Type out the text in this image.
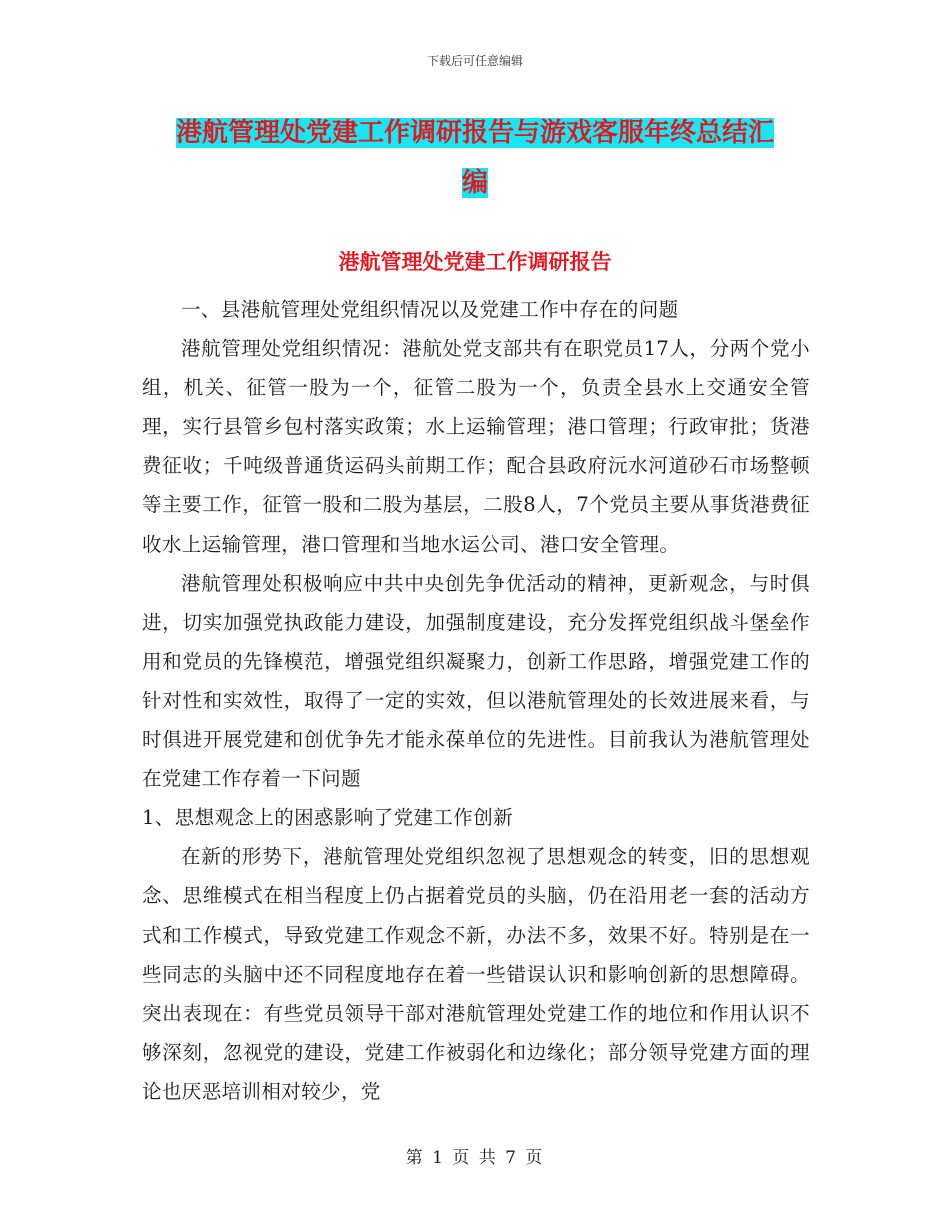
下载后可任意编辑
港航管理处党建工作调研报告与游戏客服年终总结汇
编
港航管理处党建工作调研报告

一、县港航管理处党组织情况以及党建工作中存在的问题

港航管理处党组织情况：港航处党支部共有在职党员17人，分两个党小组，机关、征管一股为一个，征管二股为一个，负责全县水上交通安全管理，实行县管乡包村落实政策；水上运输管理；港口管理；行政审批；货港费征收；千吨级普通货运码头前期工作；配合县政府沅水河道砂石市场整顿等主要工作，征管一股和二股为基层，二股8人，7个党员主要从事货港费征收水上运输管理，港口管理和当地水运公司、港口安全管理。

港航管理处积极响应中共中央创先争优活动的精神，更新观念，与时俱进，切实加强党执政能力建设，加强制度建设，充分发挥党组织战斗堡垒作用和党员的先锋模范，增强党组织凝聚力，创新工作思路，增强党建工作的针对性和实效性，取得了一定的实效，但以港航管理处的长效进展来看，与时俱进开展党建和创优争先才能永葆单位的先进性。目前我认为港航管理处在党建工作存着一下问题

1、思想观念上的困惑影响了党建工作创新

在新的形势下，港航管理处党组织忽视了思想观念的转变，旧的思想观念、思维模式在相当程度上仍占据着党员的头脑，仍在沿用老一套的活动方式和工作模式，导致党建工作观念不新，办法不多，效果不好。特别是在一些同志的头脑中还不同程度地存在着一些错误认识和影响创新的思想障碍。突出表现在：有些党员领导干部对港航管理处党建工作的地位和作用认识不够深刻，忽视党的建设，党建工作被弱化和边缘化；部分领导党建方面的理论也厌恶培训相对较少，党

第 1 页 共 7 页
